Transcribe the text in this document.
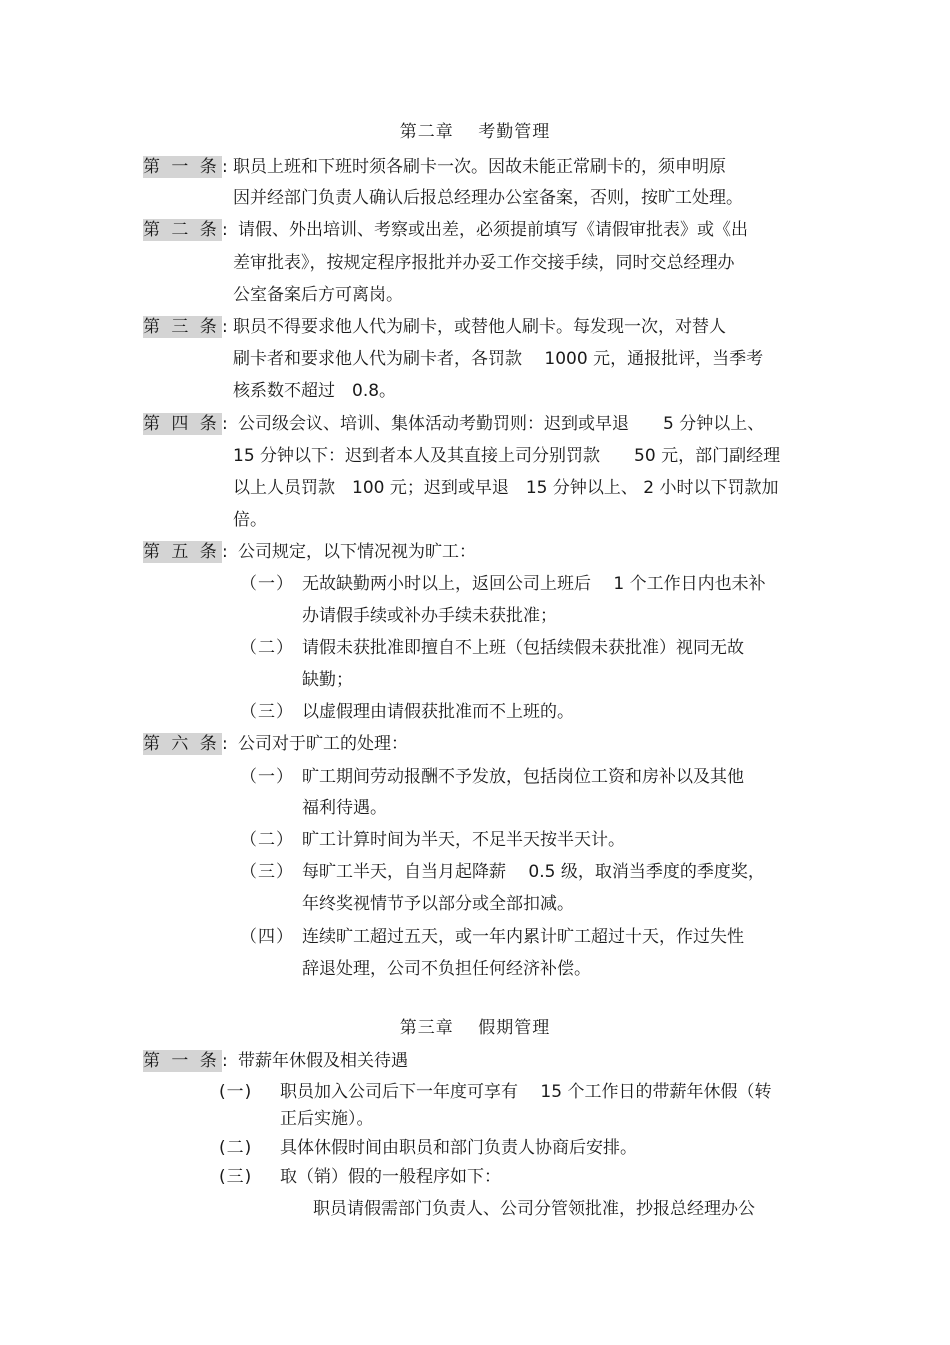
第二章　 考勤管理
第 一 条 : 职员上班和下班时须各刷卡一次。因故未能正常刷卡的，须申明原
因并经部门负责人确认后报总经理办公室备案，否则，按旷工处理。
第 二 条 : 请假、外出培训、考察或出差，必须提前填写《请假审批表》或《出
差审批表》，按规定程序报批并办妥工作交接手续，同时交总经理办
公室备案后方可离岗。
第 三 条 : 职员不得要求他人代为刷卡，或替他人刷卡。每发现一次，对替人
刷卡者和要求他人代为刷卡者，各罚款　 1000 元，通报批评，当季考
核系数不超过　0.8。
第 四 条 : 公司级会议、培训、集体活动考勤罚则：迟到或早退　　5 分钟以上、
15 分钟以下：迟到者本人及其直接上司分别罚款　　50 元，部门副经理
以上人员罚款　100 元；迟到或早退　15 分钟以上、 2 小时以下罚款加
倍。
第 五 条 : 公司规定，以下情况视为旷工：
（一） 无故缺勤两小时以上，返回公司上班后　 1 个工作日内也未补
办请假手续或补办手续未获批准；
（二） 请假未获批准即擅自不上班（包括续假未获批准）视同无故
缺勤；
（三） 以虚假理由请假获批准而不上班的。
第 六 条 : 公司对于旷工的处理：
（一） 旷工期间劳动报酬不予发放，包括岗位工资和房补以及其他
福利待遇。
（二） 旷工计算时间为半天，不足半天按半天计。
（三） 每旷工半天，自当月起降薪　 0.5 级，取消当季度的季度奖，
年终奖视情节予以部分或全部扣减。
（四） 连续旷工超过五天，或一年内累计旷工超过十天，作过失性
辞退处理，公司不负担任何经济补偿。
第三章　 假期管理
第 一 条 : 带薪年休假及相关待遇
(一) 职员加入公司后下一年度可享有　 15 个工作日的带薪年休假（转
正后实施）。
(二) 具体休假时间由职员和部门负责人协商后安排。
(三) 取（销）假的一般程序如下：
职员请假需部门负责人、公司分管领批准，抄报总经理办公
